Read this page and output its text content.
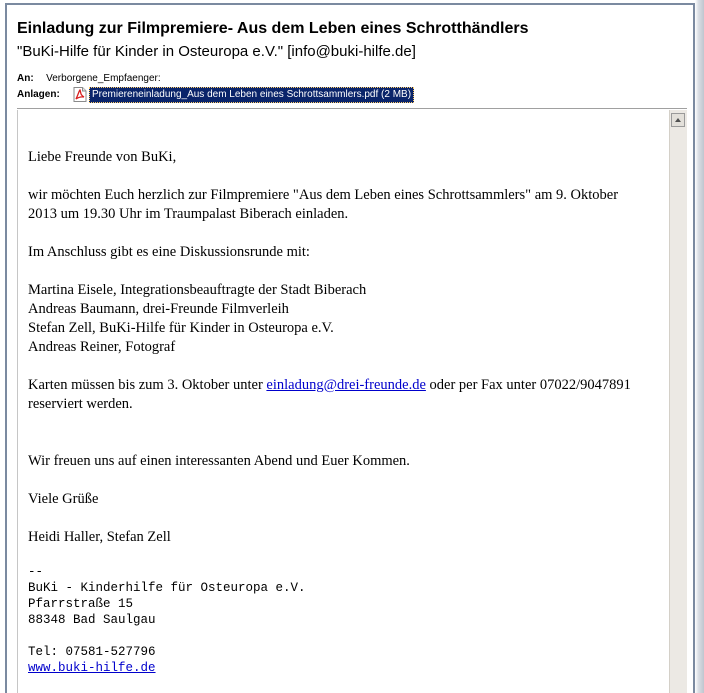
Einladung zur Filmpremiere- Aus dem Leben eines Schrotthändlers
"BuKi-Hilfe für Kinder in Osteuropa e.V." [info@buki-hilfe.de]
An: Verborgene_Empfaenger:
Anlagen:	Premiereneinladung_Aus dem Leben eines Schrottsammlers.pdf (2 MB)
Liebe Freunde von BuKi,
wir möchten Euch herzlich zur Filmpremiere "Aus dem Leben eines Schrottsammlers" am 9. Oktober
2013 um 19.30 Uhr im Traumpalast Biberach einladen.
Im Anschluss gibt es eine Diskussionsrunde mit:
Martina Eisele, Integrationsbeauftragte der Stadt Biberach
Andreas Baumann, drei-Freunde Filmverleih
Stefan Zell, BuKi-Hilfe für Kinder in Osteuropa e.V.
Andreas Reiner, Fotograf
Karten müssen bis zum 3. Oktober unter einladung@drei-freunde.de oder per Fax unter 07022/9047891
reserviert werden.
Wir freuen uns auf einen interessanten Abend und Euer Kommen.
Viele Grüße
Heidi Haller, Stefan Zell
--
BuKi - Kinderhilfe für Osteuropa e.V.
Pfarrstraße 15
88348 Bad Saulgau
Tel: 07581-527796
www.buki-hilfe.de
